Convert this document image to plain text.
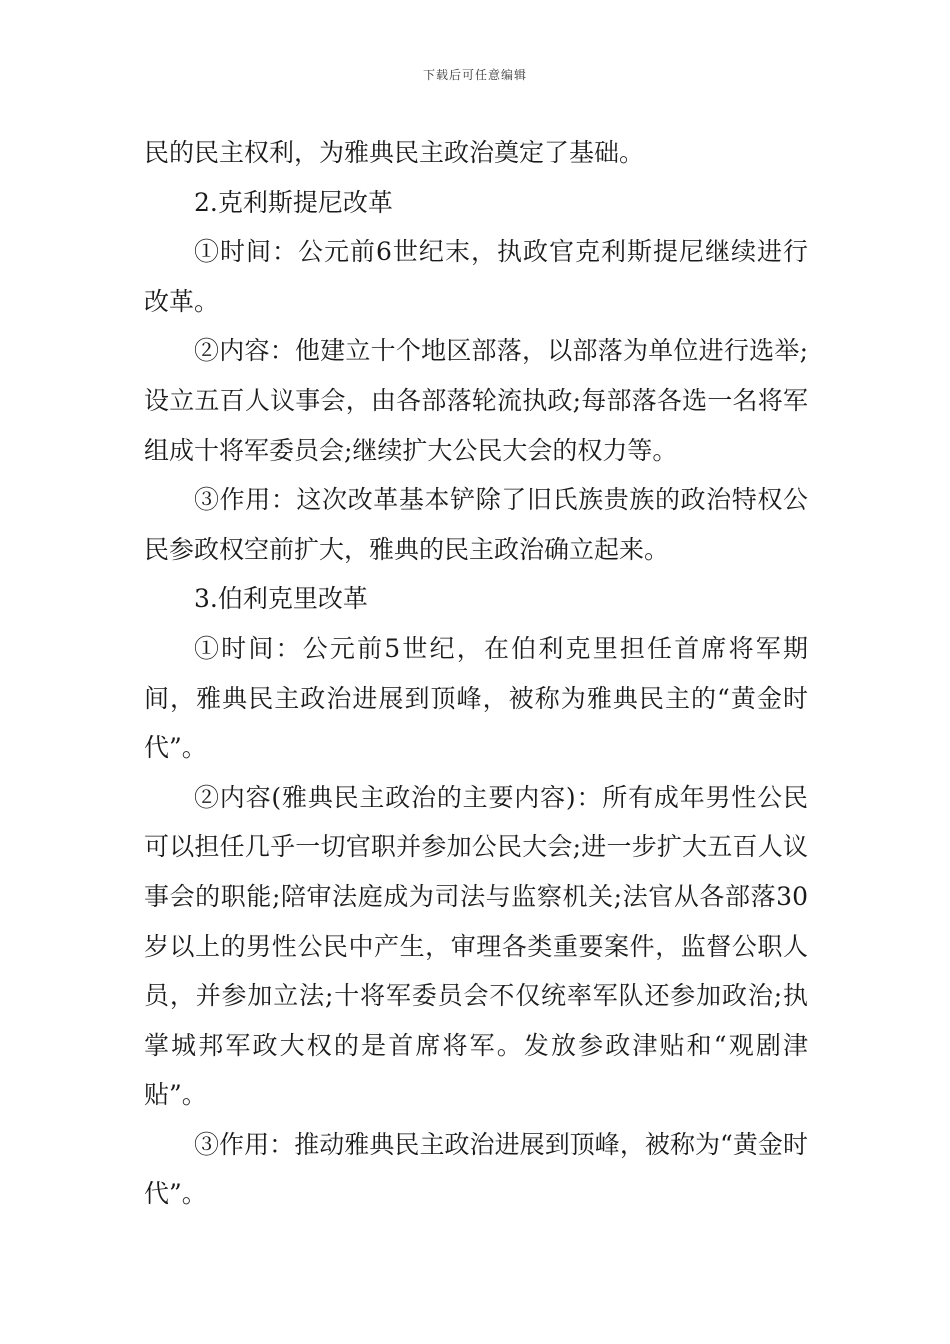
下载后可任意编辑

民的民主权利，为雅典民主政治奠定了基础。

2.克利斯提尼改革

①时间：公元前6世纪末，执政官克利斯提尼继续进行改革。

②内容：他建立十个地区部落，以部落为单位进行选举;设立五百人议事会，由各部落轮流执政;每部落各选一名将军组成十将军委员会;继续扩大公民大会的权力等。

③作用：这次改革基本铲除了旧氏族贵族的政治特权公民参政权空前扩大，雅典的民主政治确立起来。

3.伯利克里改革

①时间：公元前5世纪，在伯利克里担任首席将军期间，雅典民主政治进展到顶峰，被称为雅典民主的“黄金时代”。

②内容(雅典民主政治的主要内容)：所有成年男性公民可以担任几乎一切官职并参加公民大会;进一步扩大五百人议事会的职能;陪审法庭成为司法与监察机关;法官从各部落30岁以上的男性公民中产生，审理各类重要案件，监督公职人员，并参加立法;十将军委员会不仅统率军队还参加政治;执掌城邦军政大权的是首席将军。发放参政津贴和“观剧津贴”。

③作用：推动雅典民主政治进展到顶峰，被称为“黄金时代”。
